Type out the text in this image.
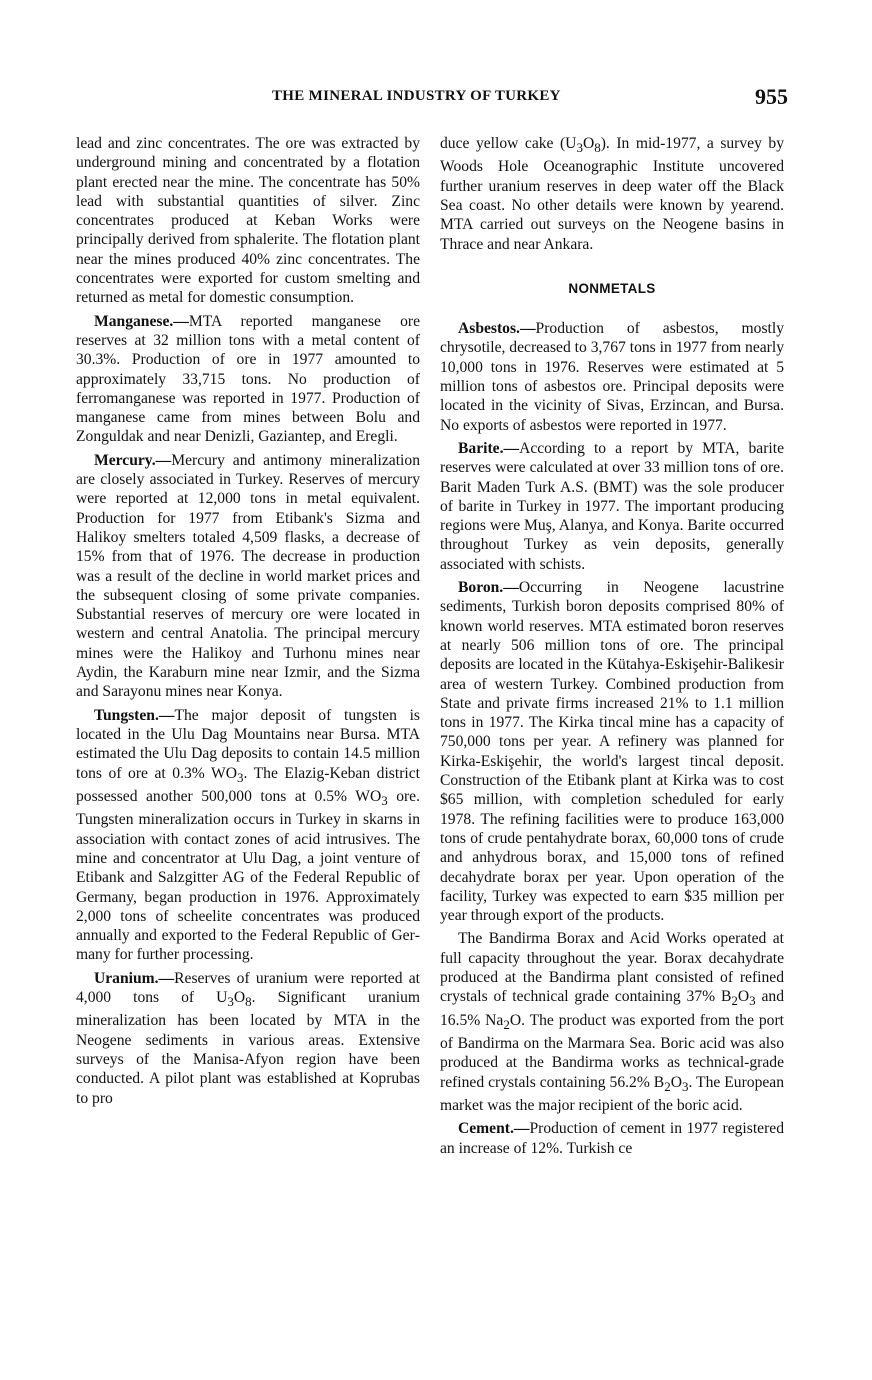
THE MINERAL INDUSTRY OF TURKEY	955

lead and zinc concentrates. The ore was extracted by underground mining and concentrated by a flotation plant erected near the mine. The concentrate has 50% lead with substantial quantities of silver. Zinc concentrates produced at Keban Works were principally derived from sphalerite. The flotation plant near the mines produced 40% zinc concentrates. The concentrates were exported for custom smelting and returned as metal for domestic consumption.

Manganese.—MTA reported manganese ore reserves at 32 million tons with a metal content of 30.3%. Production of ore in 1977 amounted to approximately 33,715 tons. No production of ferromanganese was reported in 1977. Production of manganese came from mines between Bolu and Zonguldak and near Denizli, Gaziantep, and Eregli.

Mercury.—Mercury and antimony mineralization are closely associated in Turkey. Reserves of mercury were reported at 12,000 tons in metal equivalent. Production for 1977 from Etibank's Sizma and Halikoy smelters totaled 4,509 flasks, a decrease of 15% from that of 1976. The decrease in production was a result of the decline in world market prices and the subsequent closing of some private companies. Substantial reserves of mercury ore were located in western and central Anatolia. The principal mercury mines were the Halikoy and Turhonu mines near Aydin, the Karaburn mine near Izmir, and the Sizma and Sarayonu mines near Konya.

Tungsten.—The major deposit of tungsten is located in the Ulu Dag Mountains near Bursa. MTA estimated the Ulu Dag deposits to contain 14.5 million tons of ore at 0.3% $WO_3$. The Elazig-Keban district possessed another 500,000 tons at 0.5% $WO_3$ ore. Tungsten mineralization occurs in Turkey in skarns in association with contact zones of acid intrusives. The mine and concentrator at Ulu Dag, a joint venture of Etibank and Salzgitter AG of the Federal Republic of Germany, began production in 1976. Approximately 2,000 tons of scheelite concentrates was produced annually and exported to the Federal Republic of Germany for further processing.

Uranium.—Reserves of uranium were reported at 4,000 tons of $U_3O_8$. Significant uranium mineralization has been located by MTA in the Neogene sediments in various areas. Extensive surveys of the Manisa-Afyon region have been conducted. A pilot plant was established at Koprubas to pro

duce yellow cake $(U_3O_8)$. In mid-1977, a survey by Woods Hole Oceanographic Institute uncovered further uranium reserves in deep water off the Black Sea coast. No other details were known by yearend. MTA carried out surveys on the Neogene basins in Thrace and near Ankara.

NONMETALS

Asbestos.—Production of asbestos, mostly chrysotile, decreased to 3,767 tons in 1977 from nearly 10,000 tons in 1976. Reserves were estimated at 5 million tons of asbestos ore. Principal deposits were located in the vicinity of Sivas, Erzincan, and Bursa. No exports of asbestos were reported in 1977.

Barite.—According to a report by MTA, barite reserves were calculated at over 33 million tons of ore. Barit Maden Turk A.S. (BMT) was the sole producer of barite in Turkey in 1977. The important producing regions were Muş, Alanya, and Konya. Barite occurred throughout Turkey as vein deposits, generally associated with schists.

Boron.—Occurring in Neogene lacustrine sediments, Turkish boron deposits comprised 80% of known world reserves. MTA estimated boron reserves at nearly 506 million tons of ore. The principal deposits are located in the Kütahya-Eskişehir-Balikesir area of western Turkey. Combined production from State and private firms increased 21% to 1.1 million tons in 1977. The Kirka tincal mine has a capacity of 750,000 tons per year. A refinery was planned for Kirka-Eskişehir, the world's largest tincal deposit. Construction of the Etibank plant at Kirka was to cost $65 million, with completion scheduled for early 1978. The refining facilities were to produce 163,000 tons of crude pentahydrate borax, 60,000 tons of crude and anhydrous borax, and 15,000 tons of refined decahydrate borax per year. Upon operation of the facility, Turkey was expected to earn $35 million per year through export of the products.

The Bandirma Borax and Acid Works operated at full capacity throughout the year. Borax decahydrate produced at the Bandirma plant consisted of refined crystals of technical grade containing 37% $B_2O_3$ and 16.5% $Na_2O$. The product was exported from the port of Bandirma on the Marmara Sea. Boric acid was also produced at the Bandirma works as technical-grade refined crystals containing 56.2% $B_2O_3$. The European market was the major recipient of the boric acid.

Cement.—Production of cement in 1977 registered an increase of 12%. Turkish ce
